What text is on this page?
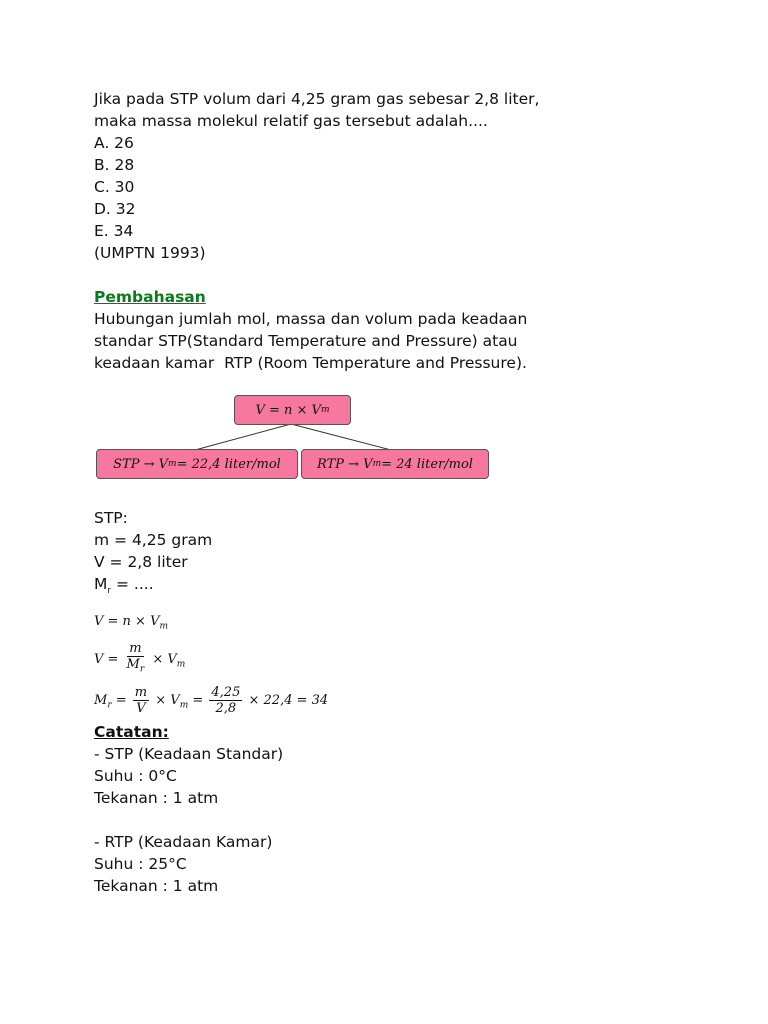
Jika pada STP volum dari 4,25 gram gas sebesar 2,8 liter,
maka massa molekul relatif gas tersebut adalah....
A. 26
B. 28
C. 30
D. 32
E. 34
(UMPTN 1993)
Pembahasan
Hubungan jumlah mol, massa dan volum pada keadaan
standar STP(Standard Temperature and Pressure) atau
keadaan kamar  RTP (Room Temperature and Pressure).
V = n × V m
STP → V m = 22,4 liter/mol	RTP → V m = 24 liter/mol
STP:
m = 4,25 gram
V = 2,8 liter
$M_r$ = ....
$V = n \times V_m$
$V = \frac{m}{M_r} \times V_m$
$M_r = \frac{m}{V} \times V_m = \frac{4,25}{2,8} \times 22,4 = 34$
Catatan:
- STP (Keadaan Standar)
Suhu : 0°C
Tekanan : 1 atm
- RTP (Keadaan Kamar)
Suhu : 25°C
Tekanan : 1 atm
